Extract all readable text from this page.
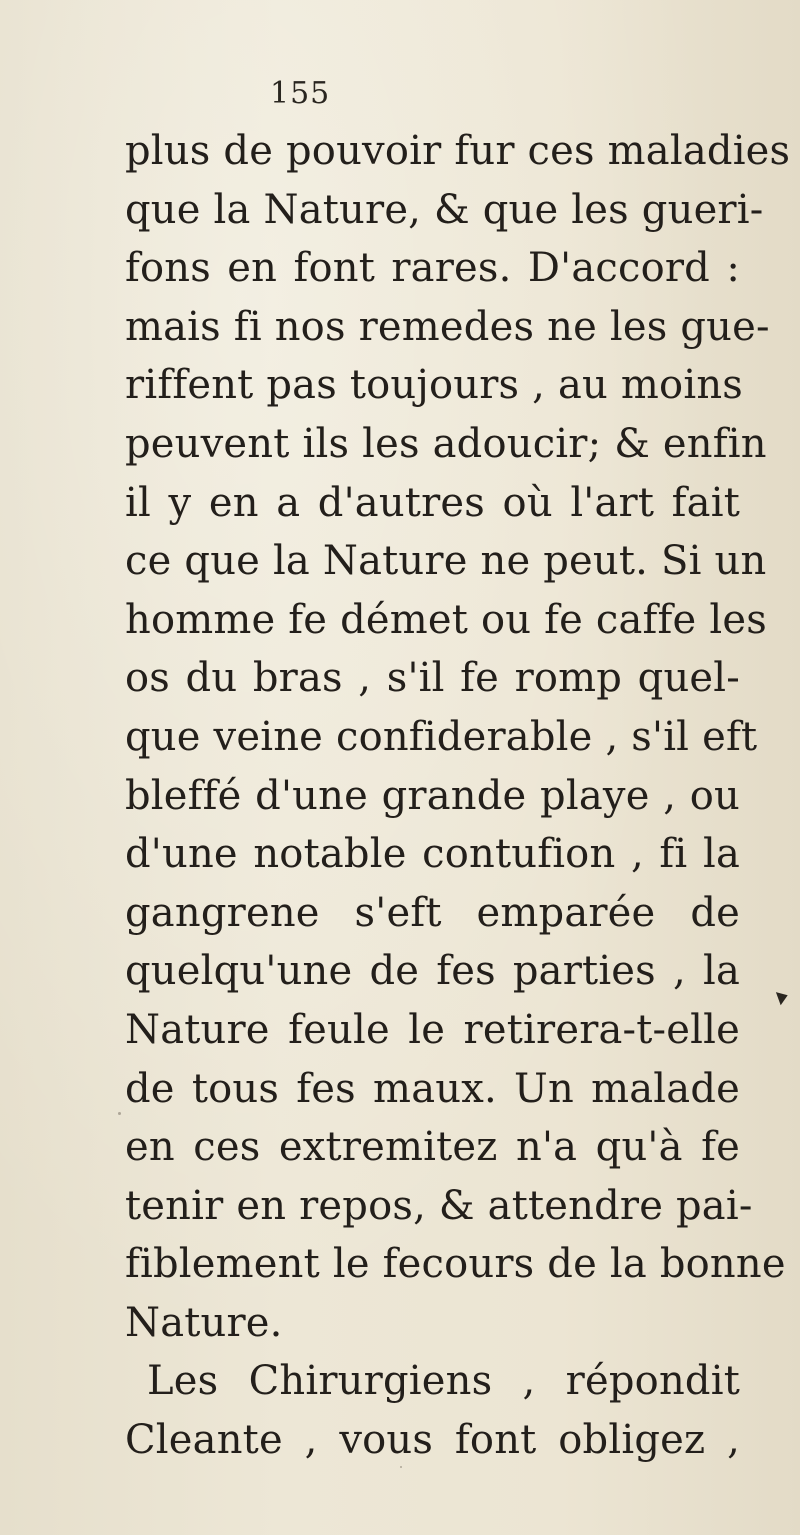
155
plus de pouvoir fur ces maladies
que la Nature, & que les gueri-
fons en font rares. D'accord :
mais fi nos remedes ne les gue-
riffent pas toujours , au moins
peuvent ils les adoucir; & enfin
il y en a d'autres où l'art fait
ce que la Nature ne peut. Si un
homme fe démet ou fe caffe les
os du bras , s'il fe romp quel-
que veine confiderable , s'il eft
bleffé d'une grande playe , ou
d'une notable contufion , fi la
gangrene s'eft emparée de
quelqu'une de fes parties , la
Nature feule le retirera-t-elle
de tous fes maux. Un malade
en ces extremitez n'a qu'à fe
tenir en repos, & attendre pai-
fiblement le fecours de la bonne
Nature.
Les Chirurgiens , répondit
Cleante , vous font obligez ,
